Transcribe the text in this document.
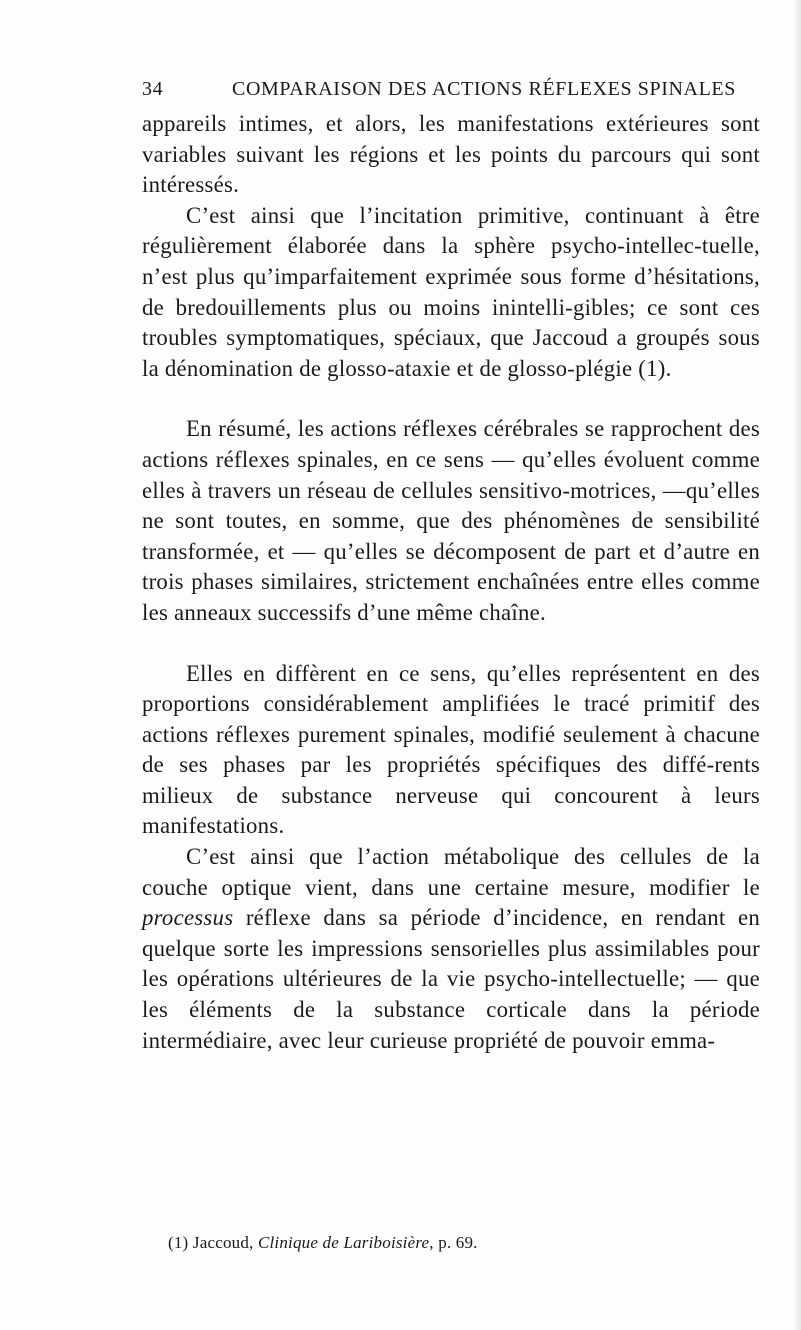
34	COMPARAISON DES ACTIONS RÉFLEXES SPINALES

appareils intimes, et alors, les manifestations extérieures sont variables suivant les régions et les points du parcours qui sont intéressés.

C’est ainsi que l’incitation primitive, continuant à être régulièrement élaborée dans la sphère psycho-intellec-tuelle, n’est plus qu’imparfaitement exprimée sous forme d’hésitations, de bredouillements plus ou moins inintelli-gibles; ce sont ces troubles symptomatiques, spéciaux, que Jaccoud a groupés sous la dénomination de glosso-ataxie et de glosso-plégie (1).

En résumé, les actions réflexes cérébrales se rapprochent des actions réflexes spinales, en ce sens — qu’elles évoluent comme elles à travers un réseau de cellules sensitivo-motrices, —qu’elles ne sont toutes, en somme, que des phénomènes de sensibilité transformée, et — qu’elles se décomposent de part et d’autre en trois phases similaires, strictement enchaînées entre elles comme les anneaux successifs d’une même chaîne.

Elles en diffèrent en ce sens, qu’elles représentent en des proportions considérablement amplifiées le tracé primitif des actions réflexes purement spinales, modifié seulement à chacune de ses phases par les propriétés spécifiques des diffé-rents milieux de substance nerveuse qui concourent à leurs manifestations.

C’est ainsi que l’action métabolique des cellules de la couche optique vient, dans une certaine mesure, modifier le processus réflexe dans sa période d’incidence, en rendant en quelque sorte les impressions sensorielles plus assimilables pour les opérations ultérieures de la vie psycho-intellectuelle; — que les éléments de la substance corticale dans la période intermédiaire, avec leur curieuse propriété de pouvoir emma-

(1) Jaccoud, Clinique de Lariboisière, p. 69.
